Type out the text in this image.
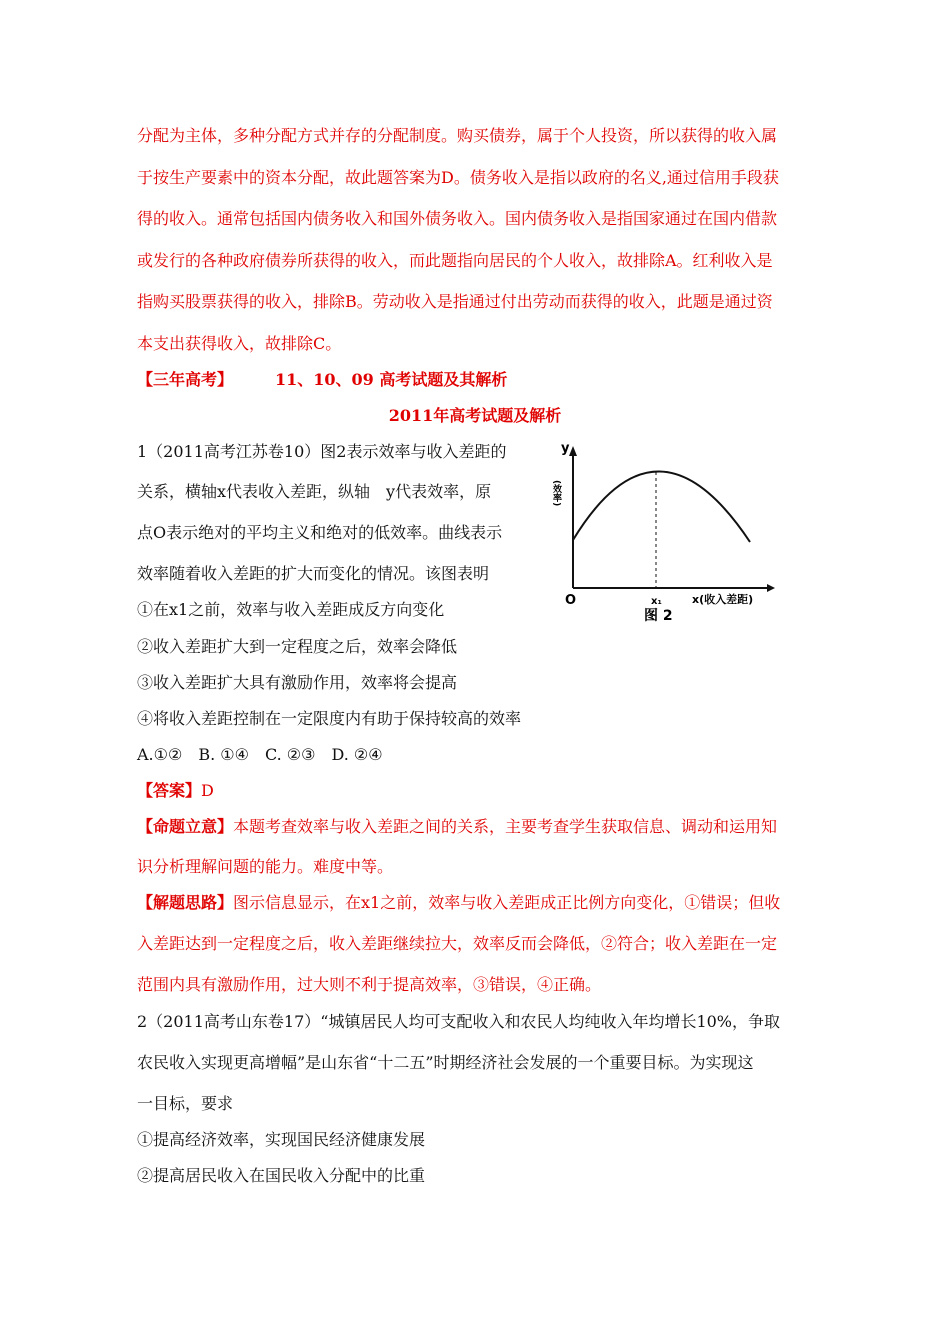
分配为主体，多种分配方式并存的分配制度。购买债券，属于个人投资，所以获得的收入属
于按生产要素中的资本分配，故此题答案为D。债务收入是指以政府的名义,通过信用手段获
得的收入。通常包括国内债务收入和国外债务收入。国内债务收入是指国家通过在国内借款
或发行的各种政府债券所获得的收入，而此题指向居民的个人收入，故排除A。红利收入是
指购买股票获得的收入，排除B。劳动收入是指通过付出劳动而获得的收入，此题是通过资
本支出获得收入，故排除C。
【三年高考】	11、10、09 高考试题及其解析
2011年高考试题及解析
1（2011高考江苏卷10）图2表示效率与收入差距的
关系，横轴x代表收入差距，纵轴　y代表效率，原
点O表示绝对的平均主义和绝对的低效率。曲线表示
效率随着收入差距的扩大而变化的情况。该图表明
①在x1之前，效率与收入差距成反方向变化
②收入差距扩大到一定程度之后，效率会降低
③收入差距扩大具有激励作用，效率将会提高
④将收入差距控制在一定限度内有助于保持较高的效率
A.①②　B. ①④　C. ②③　D. ②④
【答案】D
【命题立意】本题考查效率与收入差距之间的关系，主要考查学生获取信息、调动和运用知
识分析理解问题的能力。难度中等。
【解题思路】图示信息显示，在x1之前，效率与收入差距成正比例方向变化，①错误；但收
入差距达到一定程度之后，收入差距继续拉大，效率反而会降低，②符合；收入差距在一定
范围内具有激励作用，过大则不利于提高效率，③错误，④正确。
y
(效率)
O	x₁	x(收入差距)
图 2
2（2011高考山东卷17）“城镇居民人均可支配收入和农民人均纯收入年均增长10%，争取
农民收入实现更高增幅”是山东省“十二五”时期经济社会发展的一个重要目标。为实现这
一目标，要求
①提高经济效率，实现国民经济健康发展
②提高居民收入在国民收入分配中的比重
